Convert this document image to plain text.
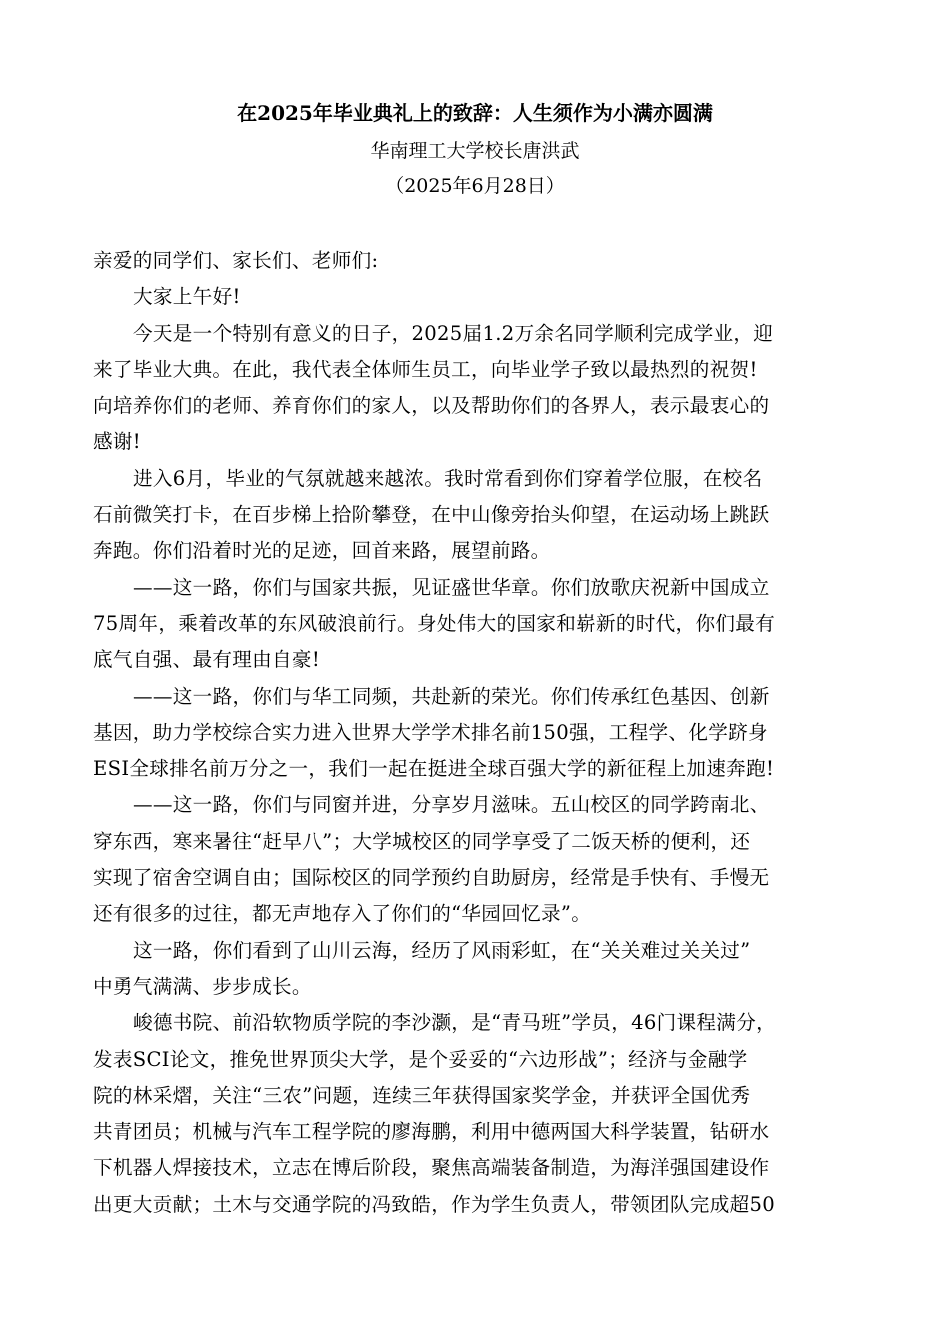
在2025年毕业典礼上的致辞：人生须作为小满亦圆满
华南理工大学校长唐洪武
（2025年6月28日）
亲爱的同学们、家长们、老师们:
大家上午好!
今天是一个特别有意义的日子，2025届1.2万余名同学顺利完成学业，迎
来了毕业大典。在此，我代表全体师生员工，向毕业学子致以最热烈的祝贺!
向培养你们的老师、养育你们的家人，以及帮助你们的各界人，表示最衷心的
感谢!
进入6月，毕业的气氛就越来越浓。我时常看到你们穿着学位服，在校名
石前微笑打卡，在百步梯上拾阶攀登，在中山像旁抬头仰望，在运动场上跳跃
奔跑。你们沿着时光的足迹，回首来路，展望前路。
——这一路，你们与国家共振，见证盛世华章。你们放歌庆祝新中国成立
75周年，乘着改革的东风破浪前行。身处伟大的国家和崭新的时代，你们最有
底气自强、最有理由自豪!
——这一路，你们与华工同频，共赴新的荣光。你们传承红色基因、创新
基因，助力学校综合实力进入世界大学学术排名前150强，工程学、化学跻身
ESI全球排名前万分之一，我们一起在挺进全球百强大学的新征程上加速奔跑!
——这一路，你们与同窗并进，分享岁月滋味。五山校区的同学跨南北、
穿东西，寒来暑往“赶早八”；大学城校区的同学享受了二饭天桥的便利，还
实现了宿舍空调自由；国际校区的同学预约自助厨房，经常是手快有、手慢无
还有很多的过往，都无声地存入了你们的“华园回忆录”。
这一路，你们看到了山川云海，经历了风雨彩虹，在“关关难过关关过”
中勇气满满、步步成长。
峻德书院、前沿软物质学院的李沙灏，是“青马班”学员，46门课程满分，
发表SCI论文，推免世界顶尖大学，是个妥妥的“六边形战”；经济与金融学
院的林采熠，关注“三农”问题，连续三年获得国家奖学金，并获评全国优秀
共青团员；机械与汽车工程学院的廖海鹏，利用中德两国大科学装置，钻研水
下机器人焊接技术，立志在博后阶段，聚焦高端装备制造，为海洋强国建设作
出更大贡献；土木与交通学院的冯致皓，作为学生负责人，带领团队完成超50
